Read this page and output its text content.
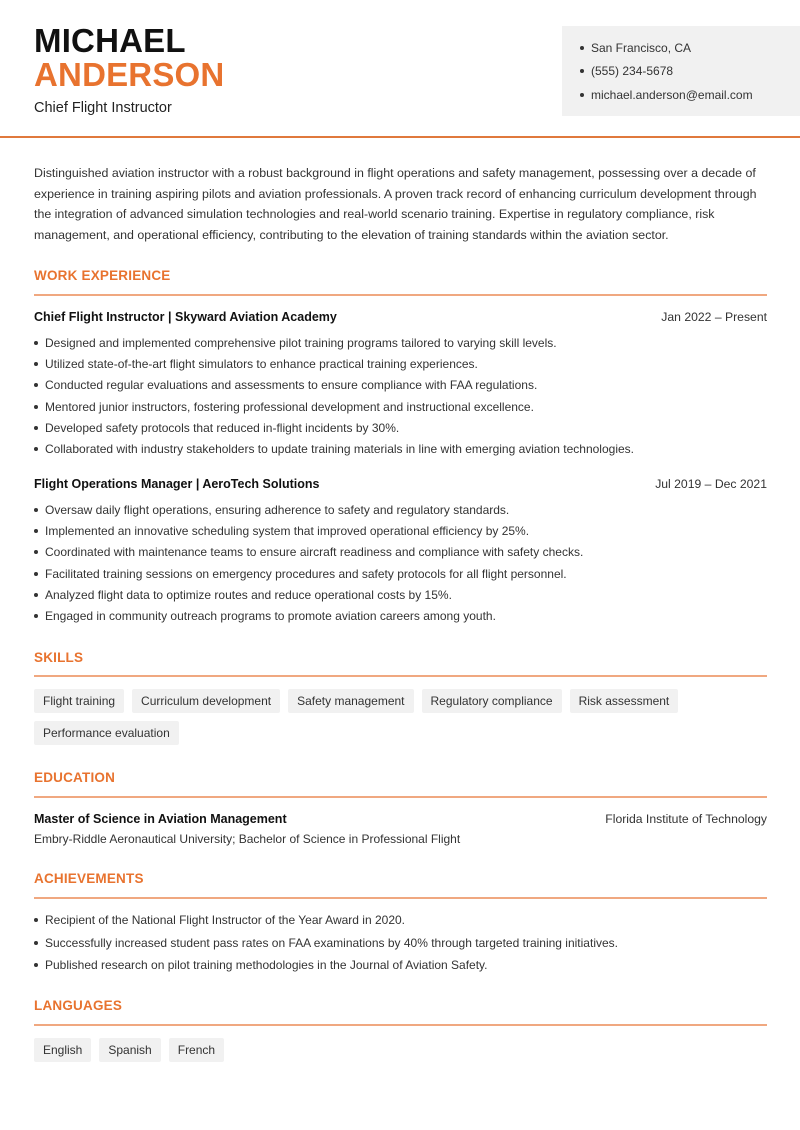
MICHAEL
ANDERSON
Chief Flight Instructor
San Francisco, CA
(555) 234-5678
michael.anderson@email.com

Distinguished aviation instructor with a robust background in flight operations and safety management, possessing over a decade of experience in training aspiring pilots and aviation professionals. A proven track record of enhancing curriculum development through the integration of advanced simulation technologies and real-world scenario training. Expertise in regulatory compliance, risk management, and operational efficiency, contributing to the elevation of training standards within the aviation sector.

WORK EXPERIENCE
Chief Flight Instructor | Skyward Aviation Academy	Jan 2022 – Present
Designed and implemented comprehensive pilot training programs tailored to varying skill levels.
Utilized state-of-the-art flight simulators to enhance practical training experiences.
Conducted regular evaluations and assessments to ensure compliance with FAA regulations.
Mentored junior instructors, fostering professional development and instructional excellence.
Developed safety protocols that reduced in-flight incidents by 30%.
Collaborated with industry stakeholders to update training materials in line with emerging aviation technologies.
Flight Operations Manager | AeroTech Solutions	Jul 2019 – Dec 2021
Oversaw daily flight operations, ensuring adherence to safety and regulatory standards.
Implemented an innovative scheduling system that improved operational efficiency by 25%.
Coordinated with maintenance teams to ensure aircraft readiness and compliance with safety checks.
Facilitated training sessions on emergency procedures and safety protocols for all flight personnel.
Analyzed flight data to optimize routes and reduce operational costs by 15%.
Engaged in community outreach programs to promote aviation careers among youth.
SKILLS
Flight training	Curriculum development	Safety management	Regulatory compliance	Risk assessment
Performance evaluation
EDUCATION
Master of Science in Aviation Management	Florida Institute of Technology
Embry-Riddle Aeronautical University; Bachelor of Science in Professional Flight
ACHIEVEMENTS
Recipient of the National Flight Instructor of the Year Award in 2020.
Successfully increased student pass rates on FAA examinations by 40% through targeted training initiatives.
Published research on pilot training methodologies in the Journal of Aviation Safety.
LANGUAGES
English	Spanish	French
